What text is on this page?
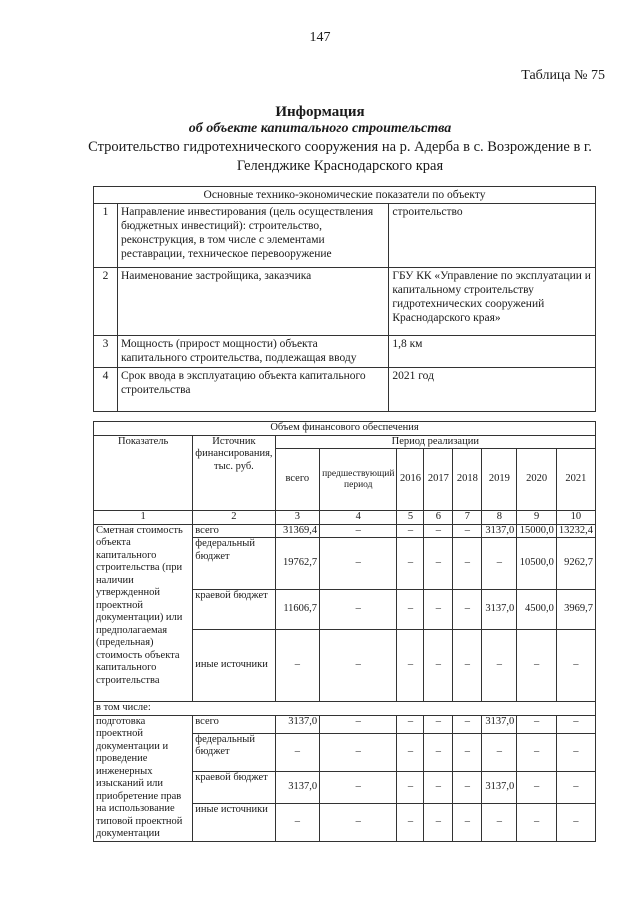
147
Таблица № 75
Информация
об объекте капитального строительства
Строительство гидротехнического сооружения на р. Адерба в с. Возрождение в г. Геленджике Краснодарского края
Основные технико-экономические показатели по объекту		
1	Направление инвестирования (цель осуществления бюджетных инвестиций): строительство, реконструкция, в том числе с элементами реставрации, техническое перевооружение	строительство
2	Наименование застройщика, заказчика	ГБУ КК «Управление по эксплуатации и капитальному строительству гидротехнических сооружений Краснодарского края»
3	Мощность (прирост мощности) объекта капитального строительства, подлежащая вводу	1,8 км
4	Срок ввода в эксплуатацию объекта капитального строительства	2021 год
Объем финансового обеспечения									
Показатель	Источник финансирования, тыс. руб.	Период реализации							
		всего	предшествующий период	2016	2017	2018	2019	2020	2021
1	2	3	4	5	6	7	8	9	10
Сметная стоимость объекта капитального строительства (при наличии утвержденной проектной документации) или предполагаемая (предельная) стоимость объекта капитального строительства	всего	31369,4	–	–	–	–	3137,0	15000,0	13232,4
	федеральный бюджет	19762,7	–	–	–	–	–	10500,0	9262,7
	краевой бюджет	11606,7	–	–	–	–	3137,0	4500,0	3969,7
	иные источники	–	–	–	–	–	–	–	–
в том числе:									
подготовка проектной документации и проведение инженерных изысканий или приобретение прав на использование типовой проектной документации	всего	3137,0	–	–	–	–	3137,0	–	–
	федеральный бюджет	–	–	–	–	–	–	–	–
	краевой бюджет	3137,0	–	–	–	–	3137,0	–	–
	иные источники	–	–	–	–	–	–	–	–
